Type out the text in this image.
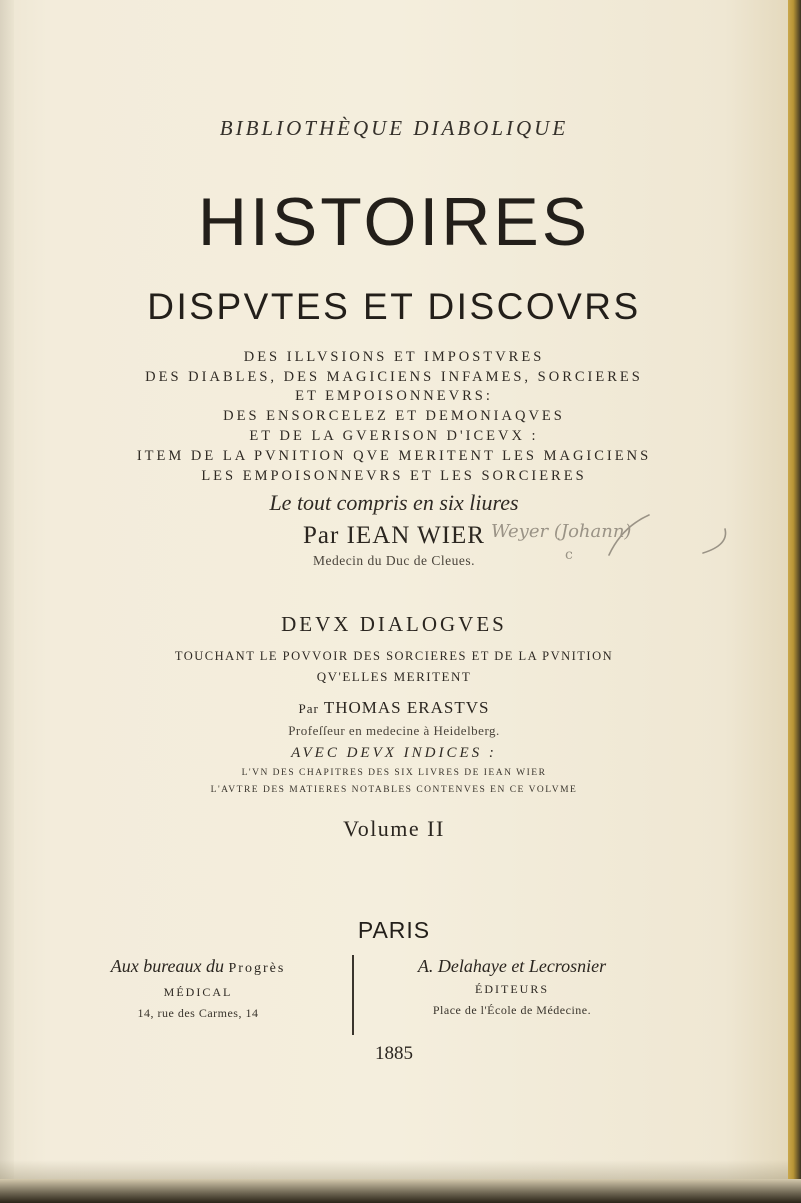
BIBLIOTHÈQUE DIABOLIQUE
HISTOIRES
DISPVTES ET DISCOVRS
DES ILLVSIONS ET IMPOSTVRES
DES DIABLES, DES MAGICIENS INFAMES, SORCIERES
ET EMPOISONNEVRS:
DES ENSORCELEZ ET DEMONIAQVES
ET DE LA GVERISON D'ICEVX :
ITEM DE LA PVNITION QVE MERITENT LES MAGICIENS
LES EMPOISONNEVRS ET LES SORCIERES
Le tout compris en six liures
Par IEAN WIER
Medecin du Duc de Cleues.
Weyer (Johann)
c
DEVX DIALOGVES
TOUCHANT LE POVVOIR DES SORCIERES ET DE LA PVNITION
QV'ELLES MERITENT
Par THOMAS ERASTVS
Profeſſeur en medecine à Heidelberg.
AVEC DEVX INDICES :
L'VN DES CHAPITRES DES SIX LIVRES DE IEAN WIER
L'AVTRE DES MATIERES NOTABLES CONTENVES EN CE VOLVME
Volume II
PARIS
Aux bureaux du Progrès
MÉDICAL
14, rue des Carmes, 14
A. Delahaye et Lecrosnier
ÉDITEURS
Place de l'École de Médecine.
1885
